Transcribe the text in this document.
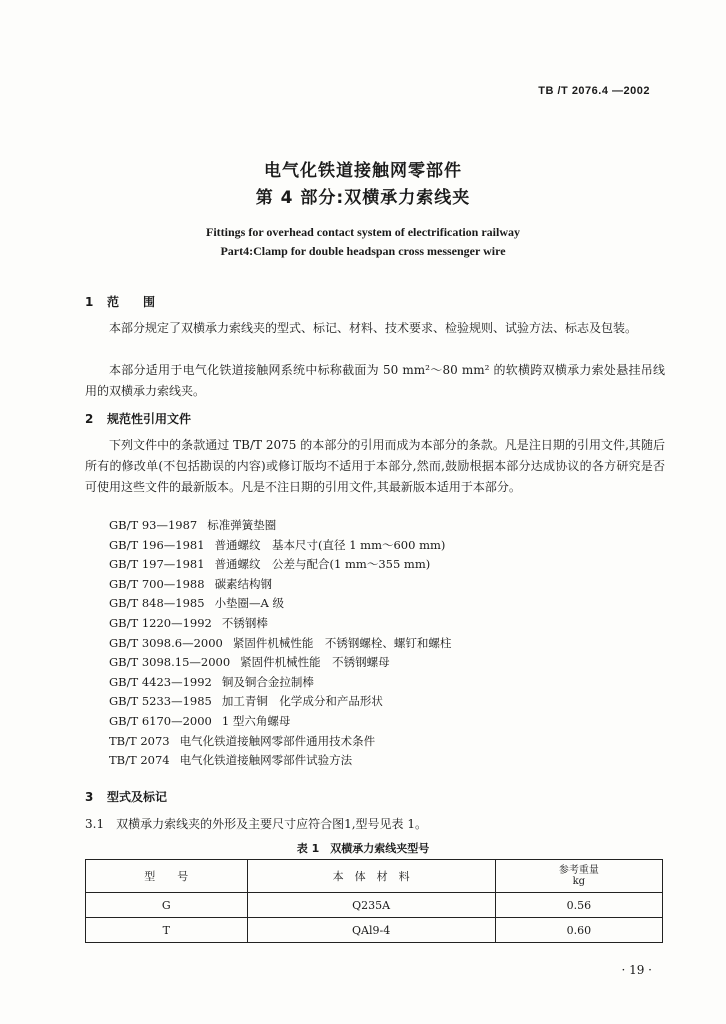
TB /T 2076.4 —2002
电气化铁道接触网零部件
第 4 部分:双横承力索线夹
Fittings for overhead contact system of electrification railway
Part4:Clamp for double headspan cross messenger wire
1 范　　围

本部分规定了双横承力索线夹的型式、标记、材料、技术要求、检验规则、试验方法、标志及包装。

本部分适用于电气化铁道接触网系统中标称截面为 50 mm²～80 mm² 的软横跨双横承力索处悬挂吊线用的双横承力索线夹。

2 规范性引用文件

下列文件中的条款通过 TB/T 2075 的本部分的引用而成为本部分的条款。凡是注日期的引用文件,其随后所有的修改单(不包括勘误的内容)或修订版均不适用于本部分,然而,鼓励根据本部分达成协议的各方研究是否可使用这些文件的最新版本。凡是不注日期的引用文件,其最新版本适用于本部分。

GB/T 93—1987 标准弹簧垫圈
GB/T 196—1981 普通螺纹　基本尺寸(直径 1 mm～600 mm)
GB/T 197—1981 普通螺纹　公差与配合(1 mm～355 mm)
GB/T 700—1988 碳素结构钢
GB/T 848—1985 小垫圈—A 级
GB/T 1220—1992 不锈钢棒
GB/T 3098.6—2000 紧固件机械性能　不锈钢螺栓、螺钉和螺柱
GB/T 3098.15—2000 紧固件机械性能　不锈钢螺母
GB/T 4423—1992 铜及铜合金拉制棒
GB/T 5233—1985 加工青铜　化学成分和产品形状
GB/T 6170—2000 1 型六角螺母
TB/T 2073 电气化铁道接触网零部件通用技术条件
TB/T 2074 电气化铁道接触网零部件试验方法
3 型式及标记
3.1　双横承力索线夹的外形及主要尺寸应符合图1,型号见表 1。
表 1　双横承力索线夹型号
型　　号	本　体　材　料	参考重量
kg

G	Q235A	0.56
T	QAl9-4	0.60
· 19 ·
